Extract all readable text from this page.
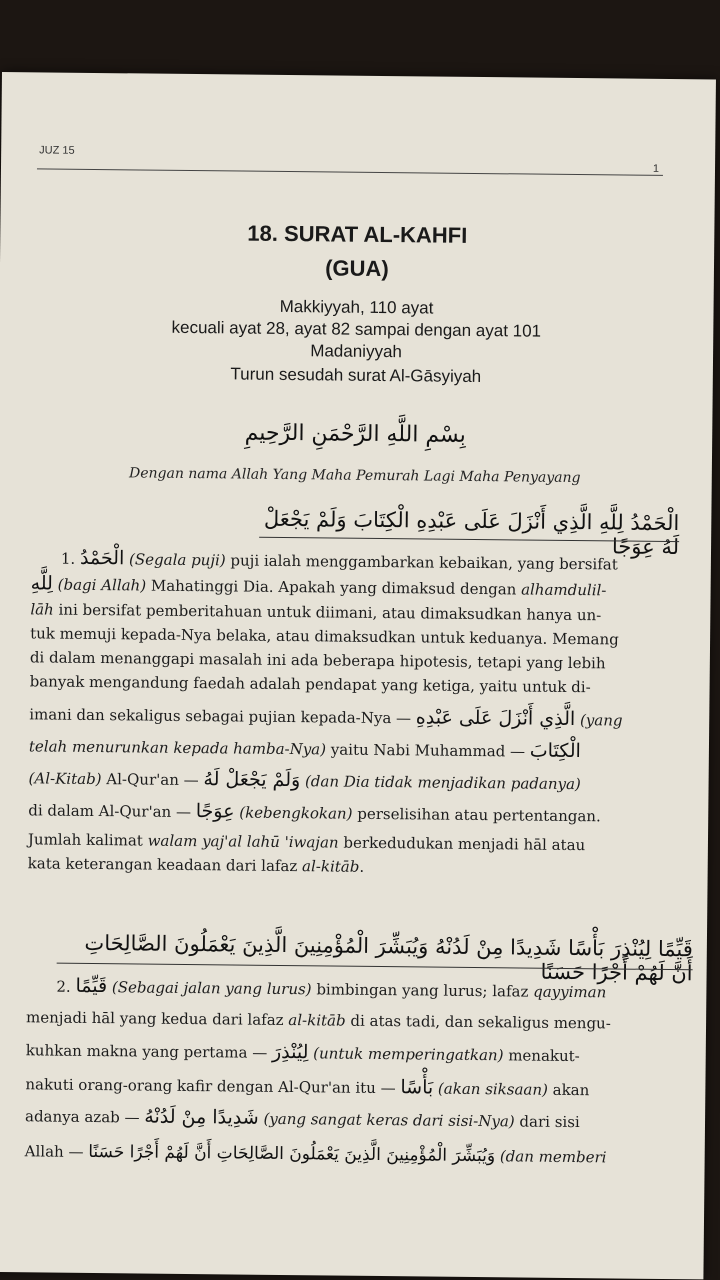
JUZ 15
1
18. SURAT AL-KAHFI
(GUA)
Makkiyyah, 110 ayat
kecuali ayat 28, ayat 82 sampai dengan ayat 101
Madaniyyah
Turun sesudah surat Al-Gāsyiyah
بِسْمِ اللَّهِ الرَّحْمَنِ الرَّحِيمِ
Dengan nama Allah Yang Maha Pemurah Lagi Maha Penyayang
الْحَمْدُ لِلَّهِ الَّذِي أَنْزَلَ عَلَى عَبْدِهِ الْكِتَابَ وَلَمْ يَجْعَلْ لَهُ عِوَجًا
1. الْحَمْدُ (Segala puji) puji ialah menggambarkan kebaikan, yang bersifat
لِلَّهِ (bagi Allah) Mahatinggi Dia. Apakah yang dimaksud dengan alhamdulil-
lāh ini bersifat pemberitahuan untuk diimani, atau dimaksudkan hanya un-
tuk memuji kepada-Nya belaka, atau dimaksudkan untuk keduanya. Memang
di dalam menanggapi masalah ini ada beberapa hipotesis, tetapi yang lebih
banyak mengandung faedah adalah pendapat yang ketiga, yaitu untuk di-
imani dan sekaligus sebagai pujian kepada-Nya — الَّذِي أَنْزَلَ عَلَى عَبْدِهِ (yang
telah menurunkan kepada hamba-Nya) yaitu Nabi Muhammad — الْكِتَابَ
(Al-Kitab) Al-Qur'an — وَلَمْ يَجْعَلْ لَهُ (dan Dia tidak menjadikan padanya)
di dalam Al-Qur'an — عِوَجًا (kebengkokan) perselisihan atau pertentangan.
Jumlah kalimat walam yaj'al lahū 'iwajan berkedudukan menjadi hāl atau
kata keterangan keadaan dari lafaz al-kitāb.
قَيِّمًا لِيُنْذِرَ بَأْسًا شَدِيدًا مِنْ لَدُنْهُ وَيُبَشِّرَ الْمُؤْمِنِينَ الَّذِينَ يَعْمَلُونَ الصَّالِحَاتِ أَنَّ لَهُمْ أَجْرًا حَسَنًا
2. قَيِّمًا (Sebagai jalan yang lurus) bimbingan yang lurus; lafaz qayyiman
menjadi hāl yang kedua dari lafaz al-kitāb di atas tadi, dan sekaligus mengu-
kuhkan makna yang pertama — لِيُنْذِرَ (untuk memperingatkan) menakut-
nakuti orang-orang kafir dengan Al-Qur'an itu — بَأْسًا (akan siksaan) akan
adanya azab — شَدِيدًا مِنْ لَدُنْهُ (yang sangat keras dari sisi-Nya) dari sisi
Allah — وَيُبَشِّرَ الْمُؤْمِنِينَ الَّذِينَ يَعْمَلُونَ الصَّالِحَاتِ أَنَّ لَهُمْ أَجْرًا حَسَنًا (dan memberi
